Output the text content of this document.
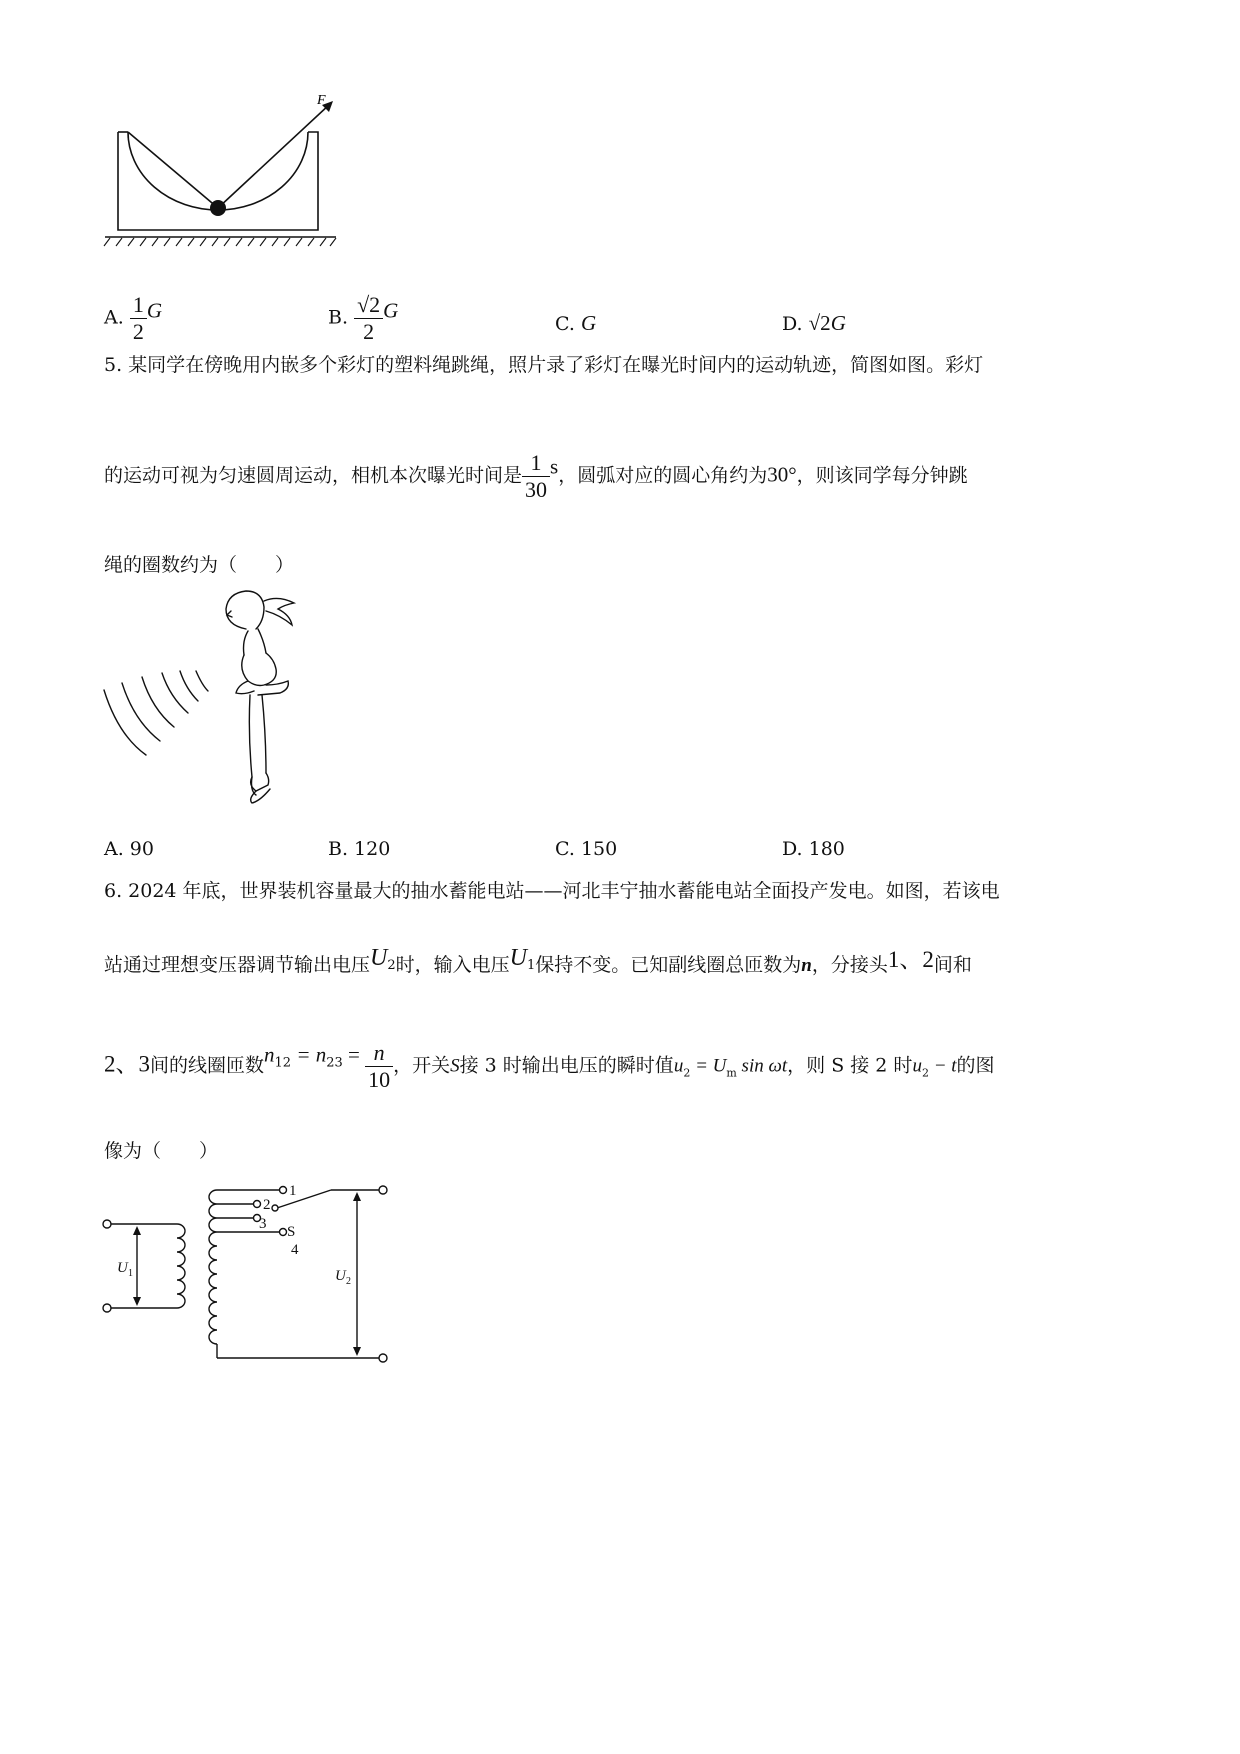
F
A. $\frac{1}{2}$ G	B. $\frac{√2}{2}$ G
C. G	D. √2G
5. 某同学在傍晚用内嵌多个彩灯的塑料绳跳绳，照片录了彩灯在曝光时间内的运动轨迹，简图如图。彩灯
的运动可视为匀速圆周运动，相机本次曝光时间是 $\frac{1}{30}$ s，圆弧对应的圆心角约为30°，则该同学每分钟跳
绳的圈数约为（　　）
A. 90	B. 120	C. 150	D. 180
6. 2024 年底，世界装机容量最大的抽水蓄能电站——河北丰宁抽水蓄能电站全面投产发电。如图，若该电
站通过理想变压器调节输出电压U2时，输入电压U1保持不变。已知副线圈总匝数为n，分接头1、2间和
2、3间的线圈匝数$n^{12} = n^{23} = \frac{n}{10}$ ，开关S接 3 时输出电压的瞬时值$u_2 = U_m$ sin ωt，则 S 接 2 时$u_2 - t$的图
像为（　　）
1
2
3
4
S
U 1	U 2
